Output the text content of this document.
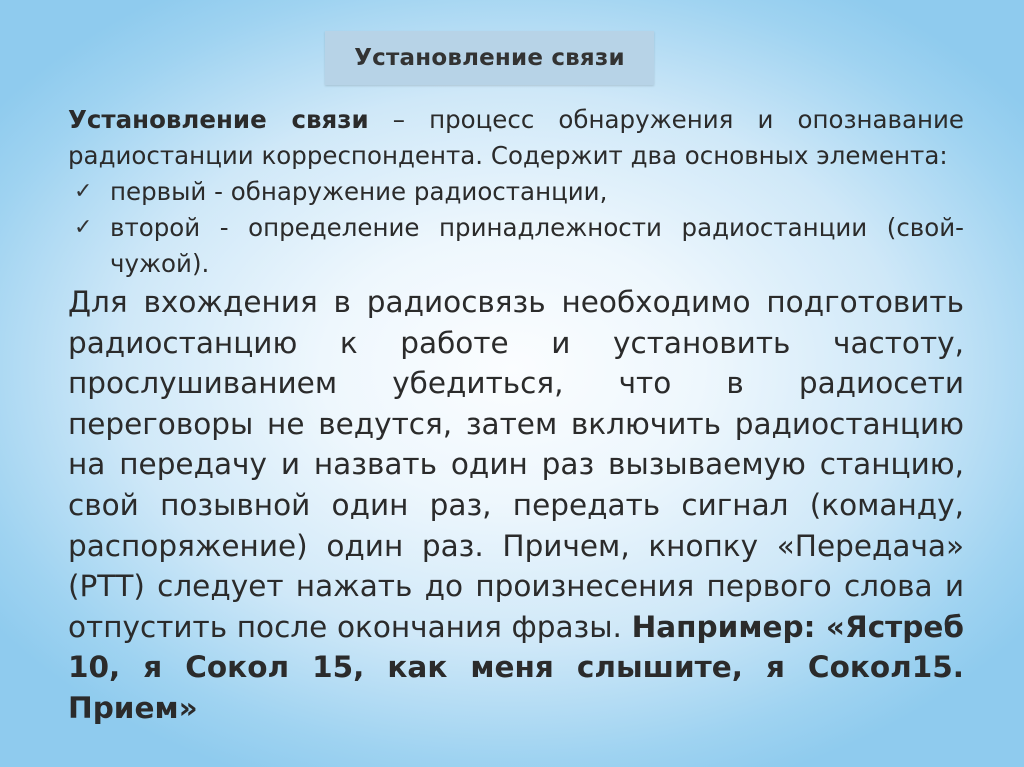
Установление связи

Установление связи – процесс обнаружения и опознавание радиостанции корреспондента. Содержит два основных элемента:

✓ первый - обнаружение радиостанции,
✓ второй - определение принадлежности радиостанции (свой-чужой).

Для вхождения в радиосвязь необходимо подготовить радиостанцию к работе и установить частоту, прослушиванием убедиться, что в радиосети переговоры не ведутся, затем включить радиостанцию на передачу и назвать один раз вызываемую станцию, свой позывной один раз, передать сигнал (команду, распоряжение) один раз. Причем, кнопку «Передача» (РТТ) следует нажать до произнесения первого слова и отпустить после окончания фразы. Например: «Ястреб 10, я Сокол 15, как меня слышите, я Сокол15. Прием»
